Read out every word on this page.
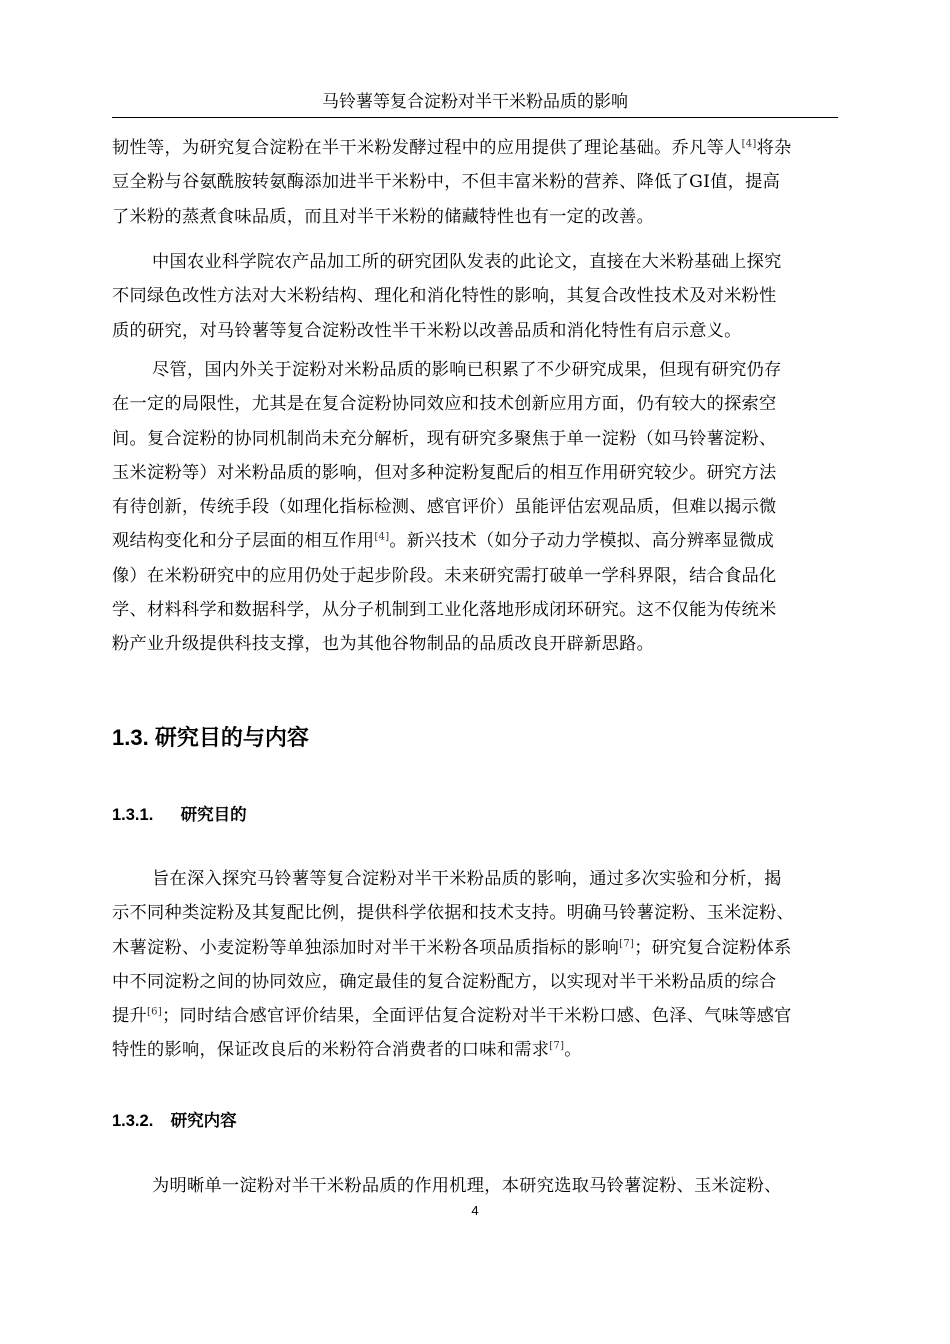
马铃薯等复合淀粉对半干米粉品质的影响

韧性等，为研究复合淀粉在半干米粉发酵过程中的应用提供了理论基础。乔凡等人[4]将杂
豆全粉与谷氨酰胺转氨酶添加进半干米粉中，不但丰富米粉的营养、降低了GI值，提高
了米粉的蒸煮食味品质，而且对半干米粉的储藏特性也有一定的改善。

中国农业科学院农产品加工所的研究团队发表的此论文，直接在大米粉基础上探究
不同绿色改性方法对大米粉结构、理化和消化特性的影响，其复合改性技术及对米粉性
质的研究，对马铃薯等复合淀粉改性半干米粉以改善品质和消化特性有启示意义。

尽管，国内外关于淀粉对米粉品质的影响已积累了不少研究成果，但现有研究仍存
在一定的局限性，尤其是在复合淀粉协同效应和技术创新应用方面，仍有较大的探索空
间。复合淀粉的协同机制尚未充分解析，现有研究多聚焦于单一淀粉（如马铃薯淀粉、
玉米淀粉等）对米粉品质的影响，但对多种淀粉复配后的相互作用研究较少。研究方法
有待创新，传统手段（如理化指标检测、感官评价）虽能评估宏观品质，但难以揭示微
观结构变化和分子层面的相互作用[4]。新兴技术（如分子动力学模拟、高分辨率显微成
像）在米粉研究中的应用仍处于起步阶段。未来研究需打破单一学科界限，结合食品化
学、材料科学和数据科学，从分子机制到工业化落地形成闭环研究。这不仅能为传统米
粉产业升级提供科技支撑，也为其他谷物制品的品质改良开辟新思路。

1.3. 研究目的与内容
1.3.1. 研究目的

旨在深入探究马铃薯等复合淀粉对半干米粉品质的影响，通过多次实验和分析，揭
示不同种类淀粉及其复配比例，提供科学依据和技术支持。明确马铃薯淀粉、玉米淀粉、
木薯淀粉、小麦淀粉等单独添加时对半干米粉各项品质指标的影响[7]；研究复合淀粉体系
中不同淀粉之间的协同效应，确定最佳的复合淀粉配方，以实现对半干米粉品质的综合
提升[6]；同时结合感官评价结果，全面评估复合淀粉对半干米粉口感、色泽、气味等感官
特性的影响，保证改良后的米粉符合消费者的口味和需求[7]。

1.3.2. 研究内容

为明晰单一淀粉对半干米粉品质的作用机理，本研究选取马铃薯淀粉、玉米淀粉、

4
